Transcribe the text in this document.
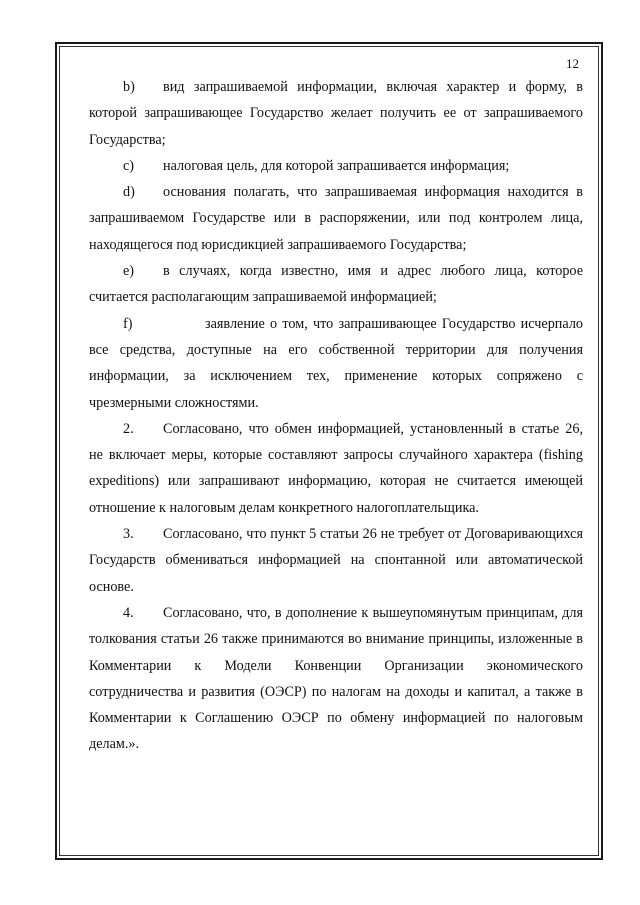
12

b) вид запрашиваемой информации, включая характер и форму, в которой запрашивающее Государство желает получить ее от запрашиваемого Государства;

c) налоговая цель, для которой запрашивается информация;

d) основания полагать, что запрашиваемая информация находится в запрашиваемом Государстве или в распоряжении, или под контролем лица, находящегося под юрисдикцией запрашиваемого Государства;

e) в случаях, когда известно, имя и адрес любого лица, которое считается располагающим запрашиваемой информацией;

f)	заявление о том, что запрашивающее Государство исчерпало все средства, доступные на его собственной территории для получения информации, за исключением тех, применение которых сопряжено с чрезмерными сложностями.

2. Согласовано, что обмен информацией, установленный в статье 26, не включает меры, которые составляют запросы случайного характера (fishing expeditions) или запрашивают информацию, которая не считается имеющей отношение к налоговым делам конкретного налогоплательщика.

3. Согласовано, что пункт 5 статьи 26 не требует от Договаривающихся Государств обмениваться информацией на спонтанной или автоматической основе.

4. Согласовано, что, в дополнение к вышеупомянутым принципам, для толкования статьи 26 также принимаются во внимание принципы, изложенные в Комментарии к Модели Конвенции Организации экономического сотрудничества и развития (ОЭСР) по налогам на доходы и капитал, а также в Комментарии к Соглашению ОЭСР по обмену информацией по налоговым делам.».
